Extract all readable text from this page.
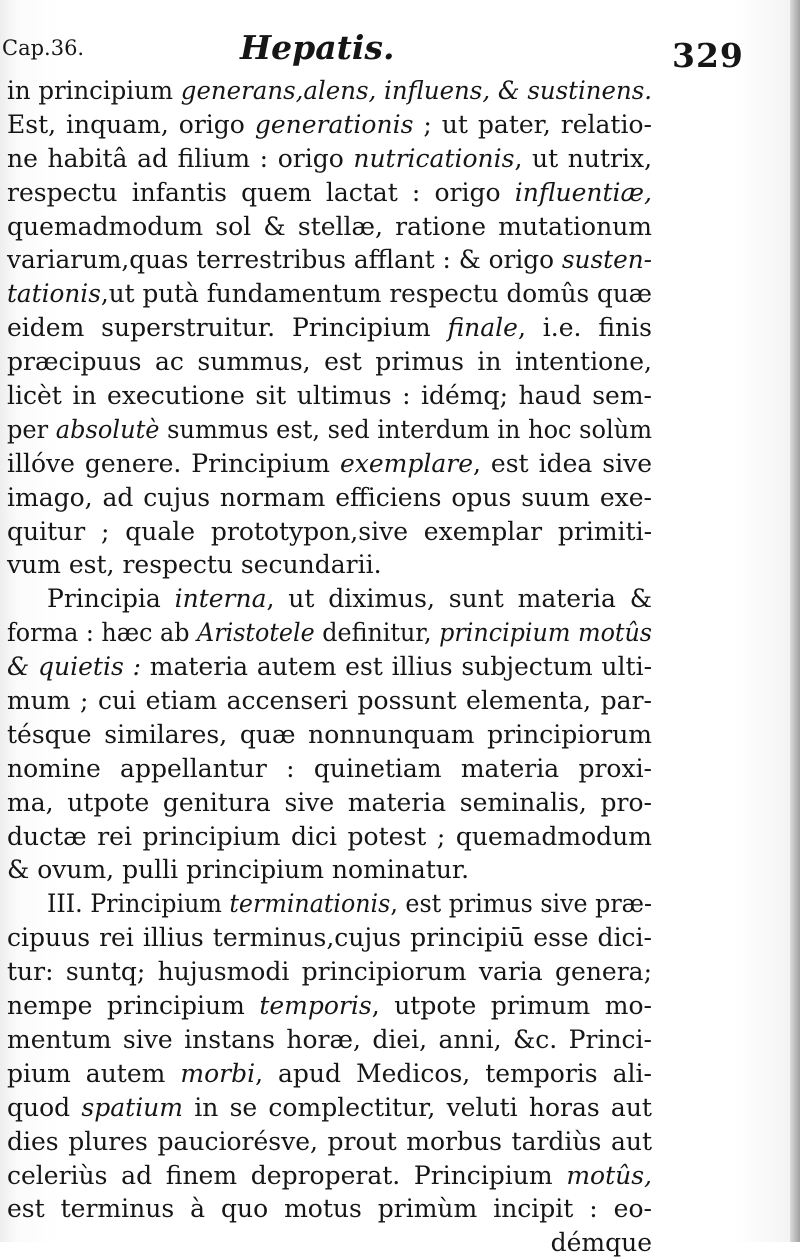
Cap.36.	Hepatis.	329
in principium generans,alens, influens, & sustinens.
Est, inquam, origo generationis ; ut pater, relatio-
ne habitâ ad filium : origo nutricationis, ut nutrix,
respectu infantis quem lactat : origo influentiæ,
quemadmodum sol & stellæ, ratione mutationum
variarum,quas terrestribus afflant : & origo susten-
tationis,ut putà fundamentum respectu domûs quæ
eidem superstruitur. Principium finale, i.e. finis
præcipuus ac summus, est primus in intentione,
licèt in executione sit ultimus : idémq; haud sem-
per absolutè summus est, sed interdum in hoc solùm
illóve genere. Principium exemplare, est idea sive
imago, ad cujus normam efficiens opus suum exe-
quitur ; quale prototypon,sive exemplar primiti-
vum est, respectu secundarii.
Principia interna, ut diximus, sunt materia &
forma : hæc ab Aristotele definitur, principium motûs
& quietis : materia autem est illius subjectum ulti-
mum ; cui etiam accenseri possunt elementa, par-
tésque similares, quæ nonnunquam principiorum
nomine appellantur : quinetiam materia proxi-
ma, utpote genitura sive materia seminalis, pro-
ductæ rei principium dici potest ; quemadmodum
& ovum, pulli principium nominatur.
III. Principium terminationis, est primus sive præ-
cipuus rei illius terminus,cujus principiū esse dici-
tur: suntq; hujusmodi principiorum varia genera;
nempe principium temporis, utpote primum mo-
mentum sive instans horæ, diei, anni, &c. Princi-
pium autem morbi, apud Medicos, temporis ali-
quod spatium in se complectitur, veluti horas aut
dies plures pauciorésve, prout morbus tardiùs aut
celeriùs ad finem deproperat. Principium motûs,
est terminus à quo motus primùm incipit : eo-
démque
